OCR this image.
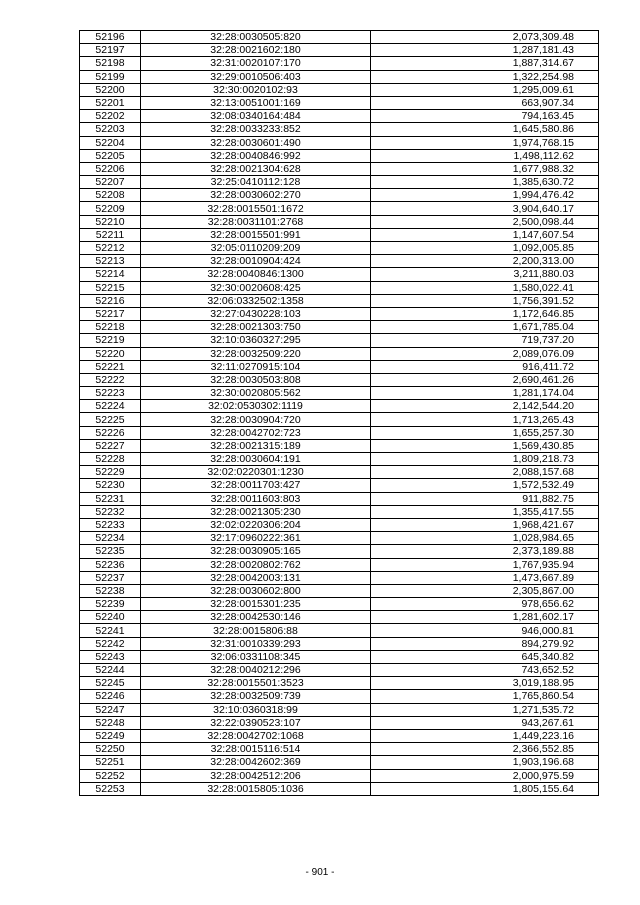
52196	32:28:0030505:820	2,073,309.48
52197	32:28:0021602:180	1,287,181.43
52198	32:31:0020107:170	1,887,314.67
52199	32:29:0010506:403	1,322,254.98
52200	32:30:0020102:93	1,295,009.61
52201	32:13:0051001:169	663,907.34
52202	32:08:0340164:484	794,163.45
52203	32:28:0033233:852	1,645,580.86
52204	32:28:0030601:490	1,974,768.15
52205	32:28:0040846:992	1,498,112.62
52206	32:28:0021304:628	1,677,988.32
52207	32:25:0410112:128	1,385,630.72
52208	32:28:0030602:270	1,994,476.42
52209	32:28:0015501:1672	3,904,640.17
52210	32:28:0031101:2768	2,500,098.44
52211	32:28:0015501:991	1,147,607.54
52212	32:05:0110209:209	1,092,005.85
52213	32:28:0010904:424	2,200,313.00
52214	32:28:0040846:1300	3,211,880.03
52215	32:30:0020608:425	1,580,022.41
52216	32:06:0332502:1358	1,756,391.52
52217	32:27:0430228:103	1,172,646.85
52218	32:28:0021303:750	1,671,785.04
52219	32:10:0360327:295	719,737.20
52220	32:28:0032509:220	2,089,076.09
52221	32:11:0270915:104	916,411.72
52222	32:28:0030503:808	2,690,461.26
52223	32:30:0020805:562	1,281,174.04
52224	32:02:0530302:1119	2,142,544.20
52225	32:28:0030904:720	1,713,265.43
52226	32:28:0042702:723	1,655,257.30
52227	32:28:0021315:189	1,569,430.85
52228	32:28:0030604:191	1,809,218.73
52229	32:02:0220301:1230	2,088,157.68
52230	32:28:0011703:427	1,572,532.49
52231	32:28:0011603:803	911,882.75
52232	32:28:0021305:230	1,355,417.55
52233	32:02:0220306:204	1,968,421.67
52234	32:17:0960222:361	1,028,984.65
52235	32:28:0030905:165	2,373,189.88
52236	32:28:0020802:762	1,767,935.94
52237	32:28:0042003:131	1,473,667.89
52238	32:28:0030602:800	2,305,867.00
52239	32:28:0015301:235	978,656.62
52240	32:28:0042530:146	1,281,602.17
52241	32:28:0015806:88	946,000.81
52242	32:31:0010339:293	894,279.92
52243	32:06:0331108:345	645,340.82
52244	32:28:0040212:296	743,652.52
52245	32:28:0015501:3523	3,019,188.95
52246	32:28:0032509:739	1,765,860.54
52247	32:10:0360318:99	1,271,535.72
52248	32:22:0390523:107	943,267.61
52249	32:28:0042702:1068	1,449,223.16
52250	32:28:0015116:514	2,366,552.85
52251	32:28:0042602:369	1,903,196.68
52252	32:28:0042512:206	2,000,975.59
52253	32:28:0015805:1036	1,805,155.64
- 901 -
